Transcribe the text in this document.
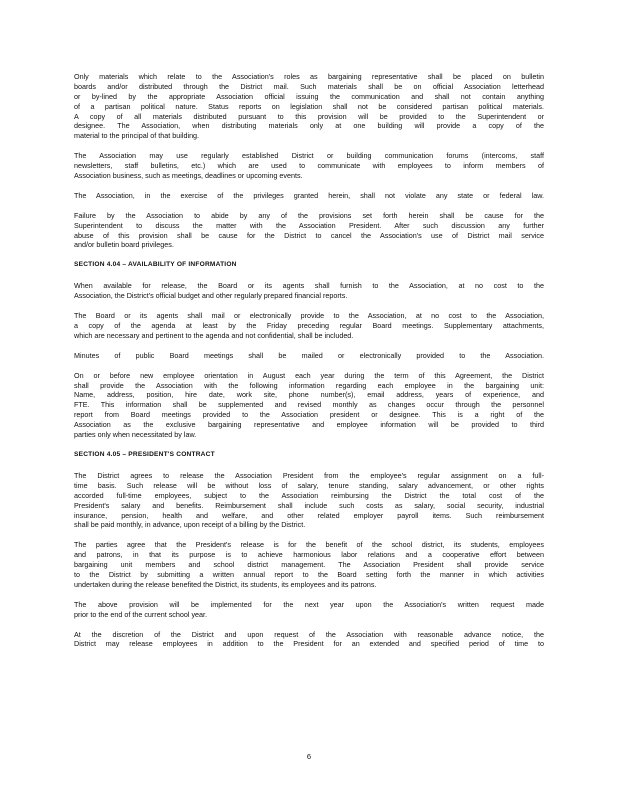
Only materials which relate to the Association's roles as bargaining representative shall be placed on bulletin
boards and/or distributed through the District mail. Such materials shall be on official Association letterhead
or by-lined by the appropriate Association official issuing the communication and shall not contain anything
of a partisan political nature. Status reports on legislation shall not be considered partisan political materials.
A copy of all materials distributed pursuant to this provision will be provided to the Superintendent or
designee. The Association, when distributing materials only at one building will provide a copy of the
material to the principal of that building.
The Association may use regularly established District or building communication forums (intercoms, staff
newsletters, staff bulletins, etc.) which are used to communicate with employees to inform members of
Association business, such as meetings, deadlines or upcoming events.
The Association, in the exercise of the privileges granted herein, shall not violate any state or federal law.
Failure by the Association to abide by any of the provisions set forth herein shall be cause for the
Superintendent to discuss the matter with the Association President. After such discussion any further
abuse of this provision shall be cause for the District to cancel the Association's use of District mail service
and/or bulletin board privileges.
SECTION 4.04 – AVAILABILITY OF INFORMATION
When available for release, the Board or its agents shall furnish to the Association, at no cost to the
Association, the District's official budget and other regularly prepared financial reports.
The Board or its agents shall mail or electronically provide to the Association, at no cost to the Association,
a copy of the agenda at least by the Friday preceding regular Board meetings. Supplementary attachments,
which are necessary and pertinent to the agenda and not confidential, shall be included.
Minutes of public Board meetings shall be mailed or electronically provided to the Association.
On or before new employee orientation in August each year during the term of this Agreement, the District
shall provide the Association with the following information regarding each employee in the bargaining unit:
Name, address, position, hire date, work site, phone number(s), email address, years of experience, and
FTE. This information shall be supplemented and revised monthly as changes occur through the personnel
report from Board meetings provided to the Association president or designee. This is a right of the
Association as the exclusive bargaining representative and employee information will be provided to third
parties only when necessitated by law.
SECTION 4.05 – PRESIDENT'S CONTRACT
The District agrees to release the Association President from the employee's regular assignment on a full-
time basis. Such release will be without loss of salary, tenure standing, salary advancement, or other rights
accorded full-time employees, subject to the Association reimbursing the District the total cost of the
President's salary and benefits. Reimbursement shall include such costs as salary, social security, industrial
insurance, pension, health and welfare, and other related employer payroll items. Such reimbursement
shall be paid monthly, in advance, upon receipt of a billing by the District.
The parties agree that the President's release is for the benefit of the school district, its students, employees
and patrons, in that its purpose is to achieve harmonious labor relations and a cooperative effort between
bargaining unit members and school district management. The Association President shall provide service
to the District by submitting a written annual report to the Board setting forth the manner in which activities
undertaken during the release benefited the District, its students, its employees and its patrons.
The above provision will be implemented for the next year upon the Association's written request made
prior to the end of the current school year.
At the discretion of the District and upon request of the Association with reasonable advance notice, the
District may release employees in addition to the President for an extended and specified period of time to
6
